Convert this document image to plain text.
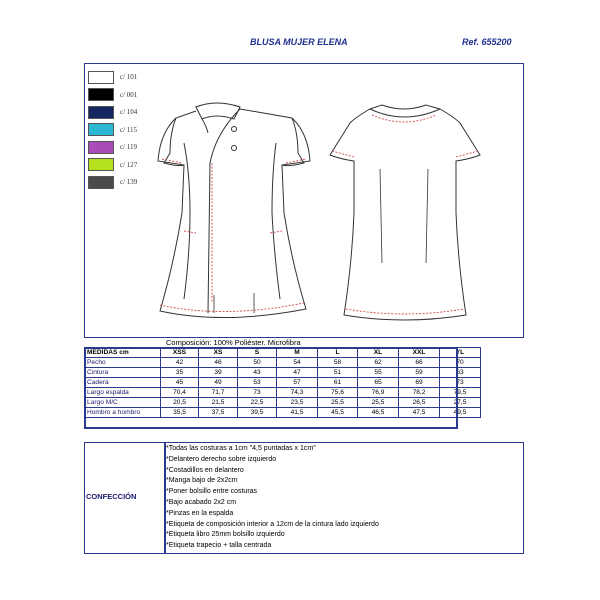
BLUSA MUJER ELENA	Ref. 655200
c/ 101
c/ 001
c/ 104
c/ 115
c/ 119
c/ 127
c/ 139
Composición: 100% Poliéster. Microfibra
MEDIDAS cm	XSS	XS	S	M	L	XL	XXL	YL
Pecho	42	46	50	54	58	62	66	70
Cintura	35	39	43	47	51	55	59	63
Cadera	45	49	53	57	61	65	69	73
Largo espalda	70,4	71,7	73	74,3	75,6	76,9	78,2	79,5
Largo M/C	20,5	21,5	22,5	23,5	25,5	25,5	26,5	27,5
Hombro a hombro	35,5	37,5	39,5	41,5	45,5	46,5	47,5	49,5
CONFECCIÓN
*Todas las costuras a 1cm "4,5 puntadas x 1cm"
*Delantero derecho sobre izquierdo
*Costadillos en delantero
*Manga bajo de 2x2cm
*Poner bolsillo entre costuras
*Bajo acabado 2x2 cm
*Pinzas en la espalda
*Etiqueta de composición interior a 12cm de la cintura lado izquierdo
*Etiqueta libro 25mm bolsillo izquierdo
*Etiqueta trapecio + talla centrada
